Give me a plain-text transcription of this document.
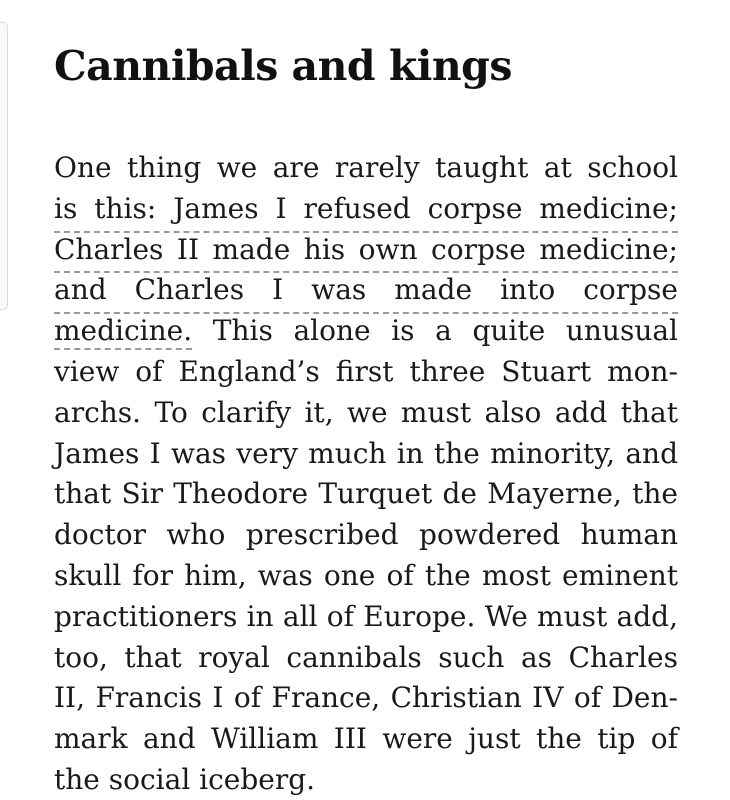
Cannibals and kings
One thing we are rarely taught at school
is this: James I refused corpse medicine;
Charles II made his own corpse medicine;
and Charles I was made into corpse
medicine. This alone is a quite unusual
view of England’s first three Stuart mon-
archs. To clarify it, we must also add that
James I was very much in the minority, and
that Sir Theodore Turquet de Mayerne, the
doctor who prescribed powdered human
skull for him, was one of the most eminent
practitioners in all of Europe. We must add,
too, that royal cannibals such as Charles
II, Francis I of France, Christian IV of Den-
mark and William III were just the tip of
the social iceberg.
